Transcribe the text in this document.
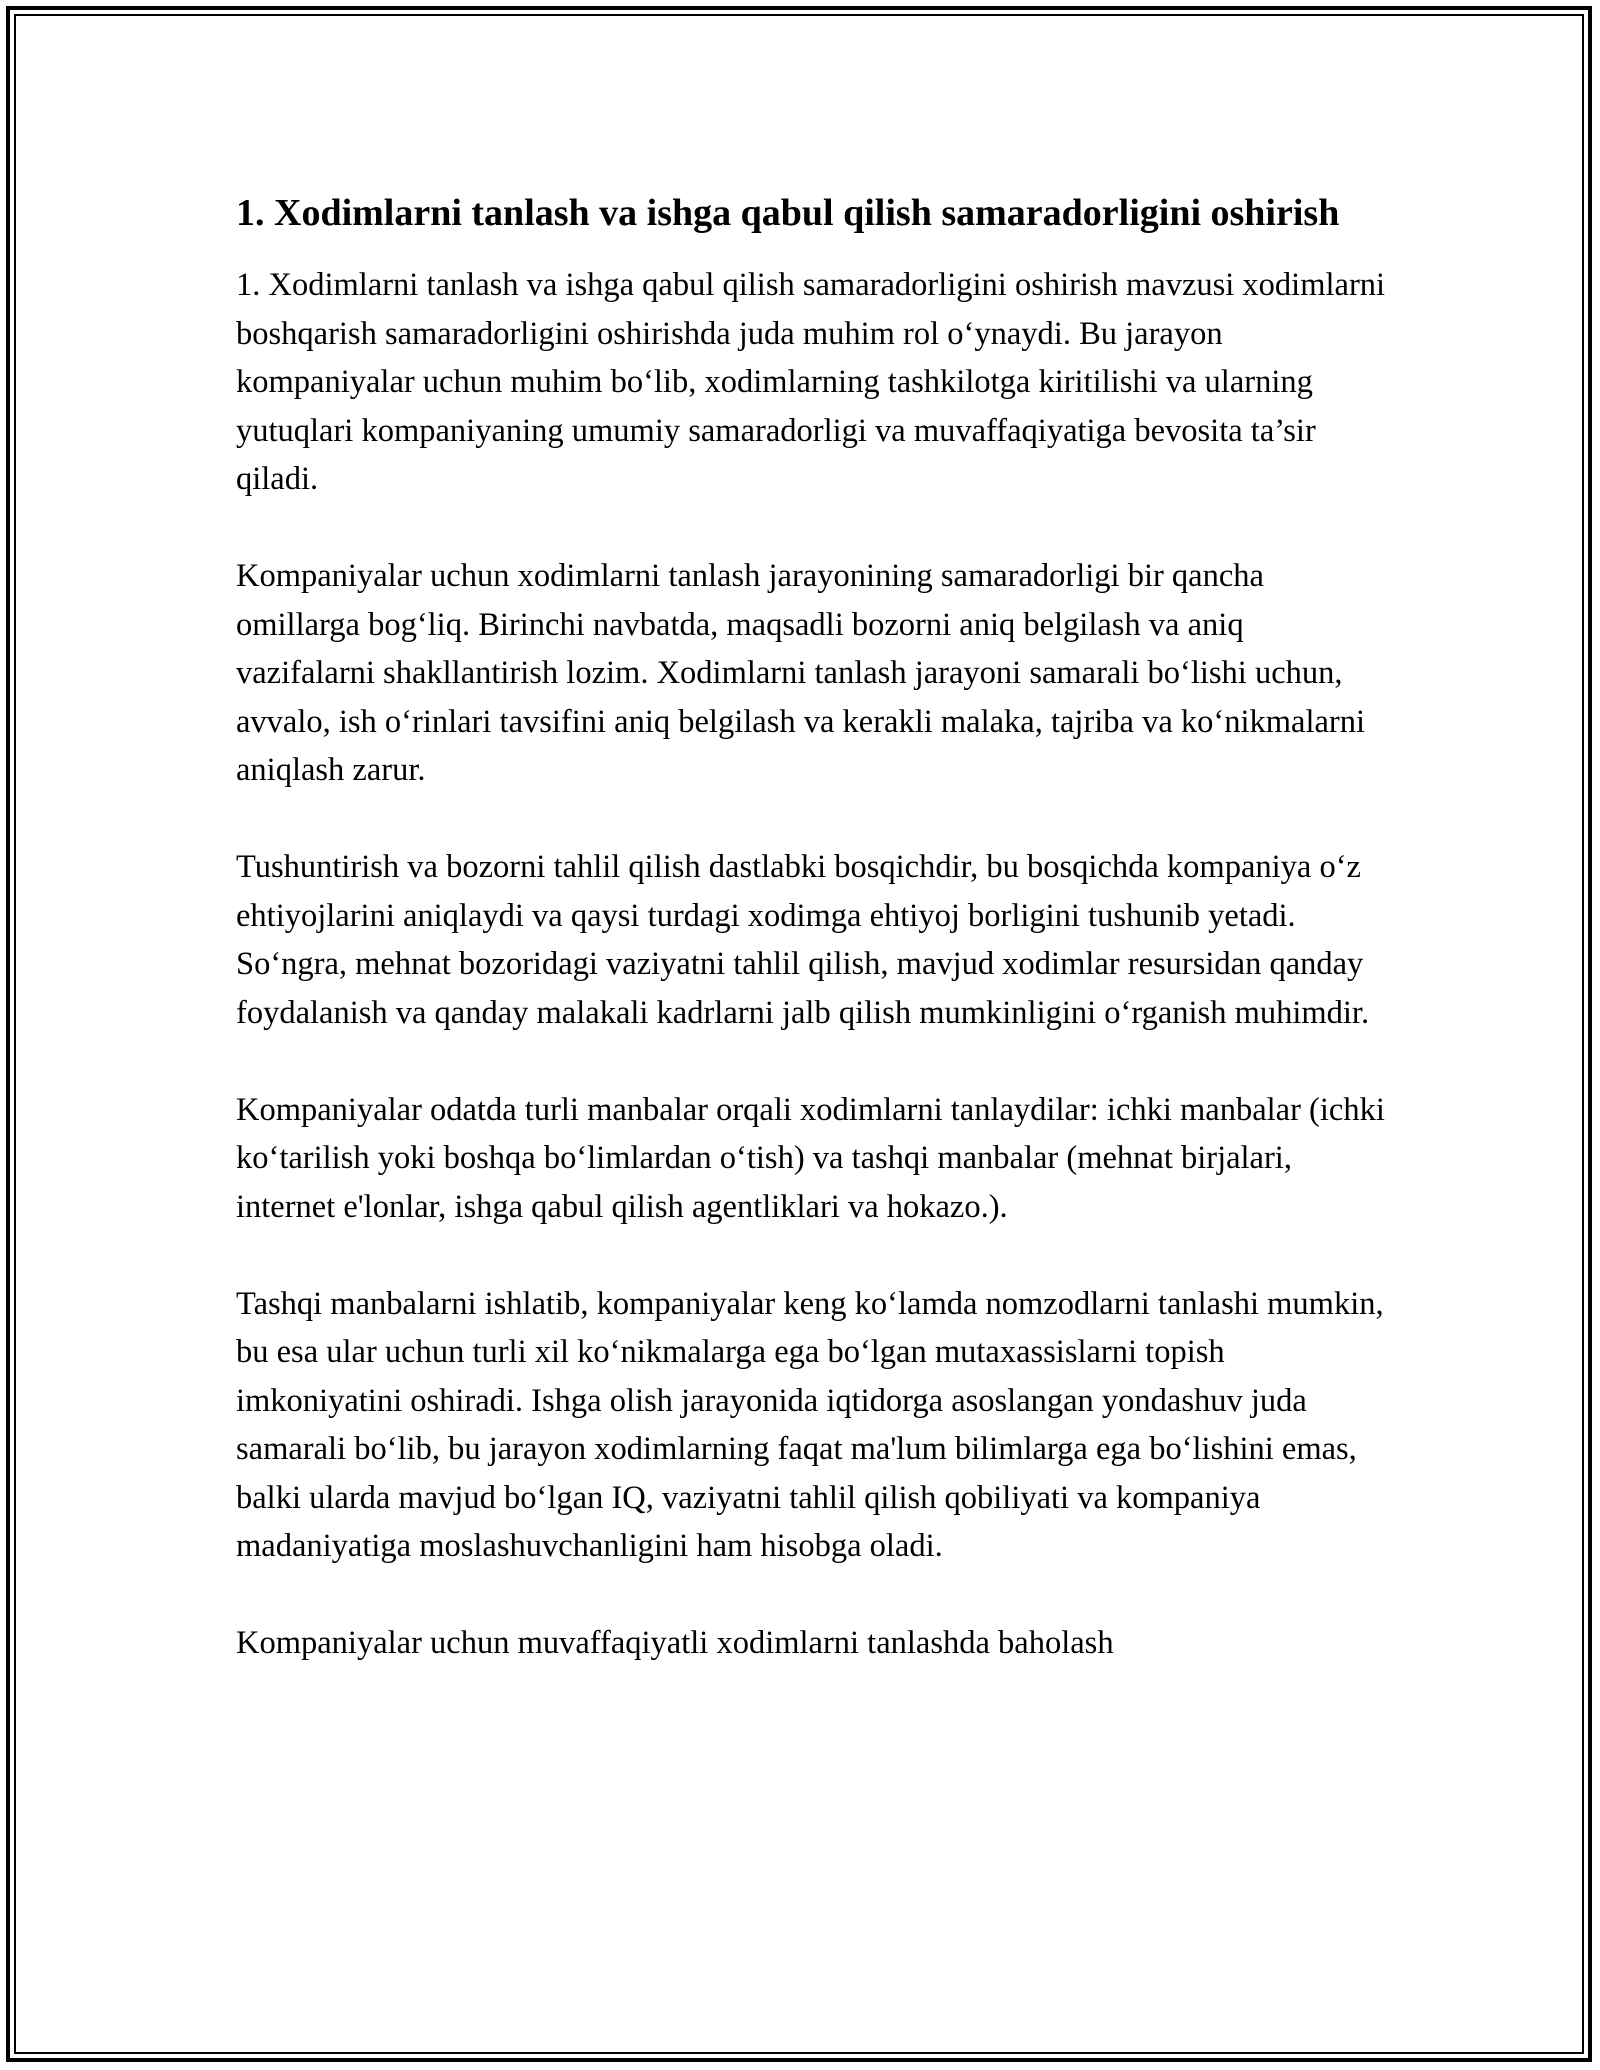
1. Xodimlarni tanlash va ishga qabul qilish samaradorligini oshirish

1. Xodimlarni tanlash va ishga qabul qilish samaradorligini oshirish mavzusi xodimlarni boshqarish samaradorligini oshirishda juda muhim rol o‘ynaydi. Bu jarayon kompaniyalar uchun muhim bo‘lib, xodimlarning tashkilotga kiritilishi va ularning yutuqlari kompaniyaning umumiy samaradorligi va muvaffaqiyatiga bevosita ta’sir qiladi.

Kompaniyalar uchun xodimlarni tanlash jarayonining samaradorligi bir qancha omillarga bog‘liq. Birinchi navbatda, maqsadli bozorni aniq belgilash va aniq vazifalarni shakllantirish lozim. Xodimlarni tanlash jarayoni samarali bo‘lishi uchun, avvalo, ish o‘rinlari tavsifini aniq belgilash va kerakli malaka, tajriba va ko‘nikmalarni aniqlash zarur.

Tushuntirish va bozorni tahlil qilish dastlabki bosqichdir, bu bosqichda kompaniya o‘z ehtiyojlarini aniqlaydi va qaysi turdagi xodimga ehtiyoj borligini tushunib yetadi. So‘ngra, mehnat bozoridagi vaziyatni tahlil qilish, mavjud xodimlar resursidan qanday foydalanish va qanday malakali kadrlarni jalb qilish mumkinligini o‘rganish muhimdir.

Kompaniyalar odatda turli manbalar orqali xodimlarni tanlaydilar: ichki manbalar (ichki ko‘tarilish yoki boshqa bo‘limlardan o‘tish) va tashqi manbalar (mehnat birjalari, internet e'lonlar, ishga qabul qilish agentliklari va hokazo.).

Tashqi manbalarni ishlatib, kompaniyalar keng ko‘lamda nomzodlarni tanlashi mumkin, bu esa ular uchun turli xil ko‘nikmalarga ega bo‘lgan mutaxassislarni topish imkoniyatini oshiradi. Ishga olish jarayonida iqtidorga asoslangan yondashuv juda samarali bo‘lib, bu jarayon xodimlarning faqat ma'lum bilimlarga ega bo‘lishini emas, balki ularda mavjud bo‘lgan IQ, vaziyatni tahlil qilish qobiliyati va kompaniya madaniyatiga moslashuvchanligini ham hisobga oladi.

Kompaniyalar uchun muvaffaqiyatli xodimlarni tanlashda baholash
